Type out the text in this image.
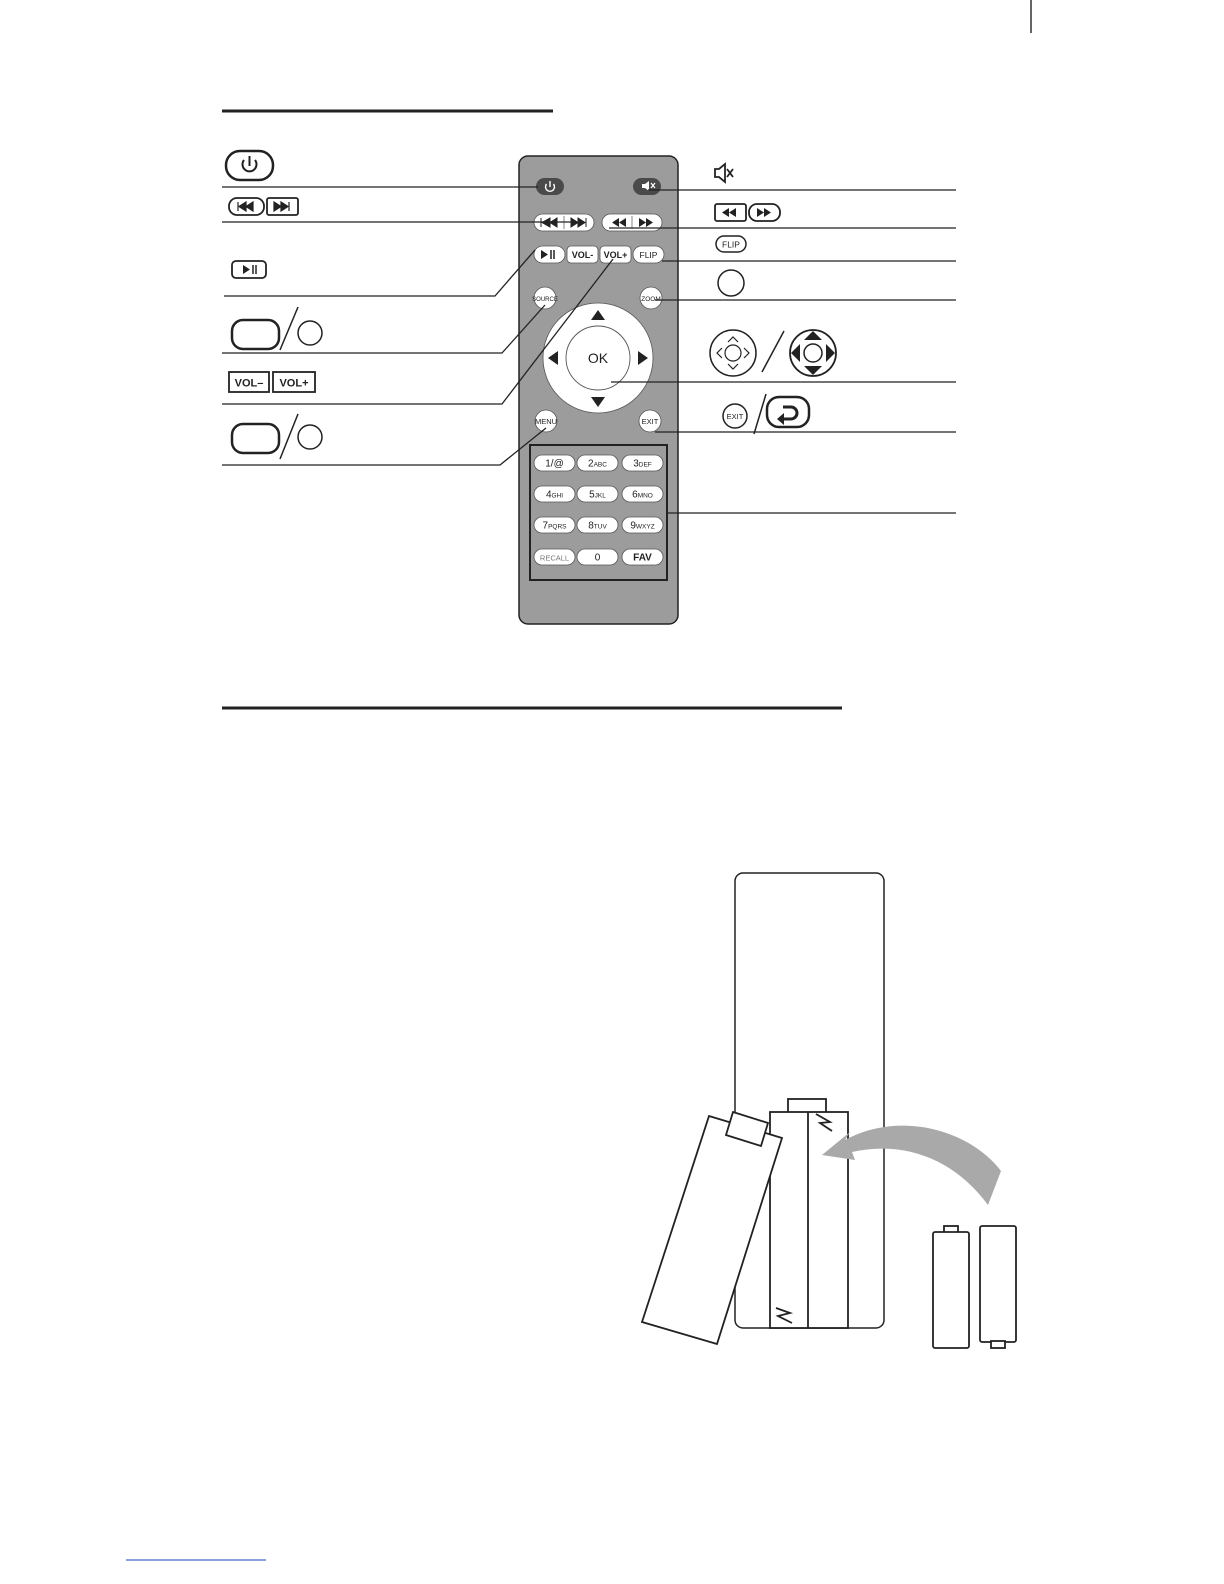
VOL- VOL+ FLIP
SOURCE	ZOOM
OK
MENU	EXIT
1/@ 2ABC	3DEF
4GHI	5JKL	6MNO
7PQRS 8TUV 9WXYZ
RECALL	0	FAV
VOL– VOL+
FLIP
EXIT
